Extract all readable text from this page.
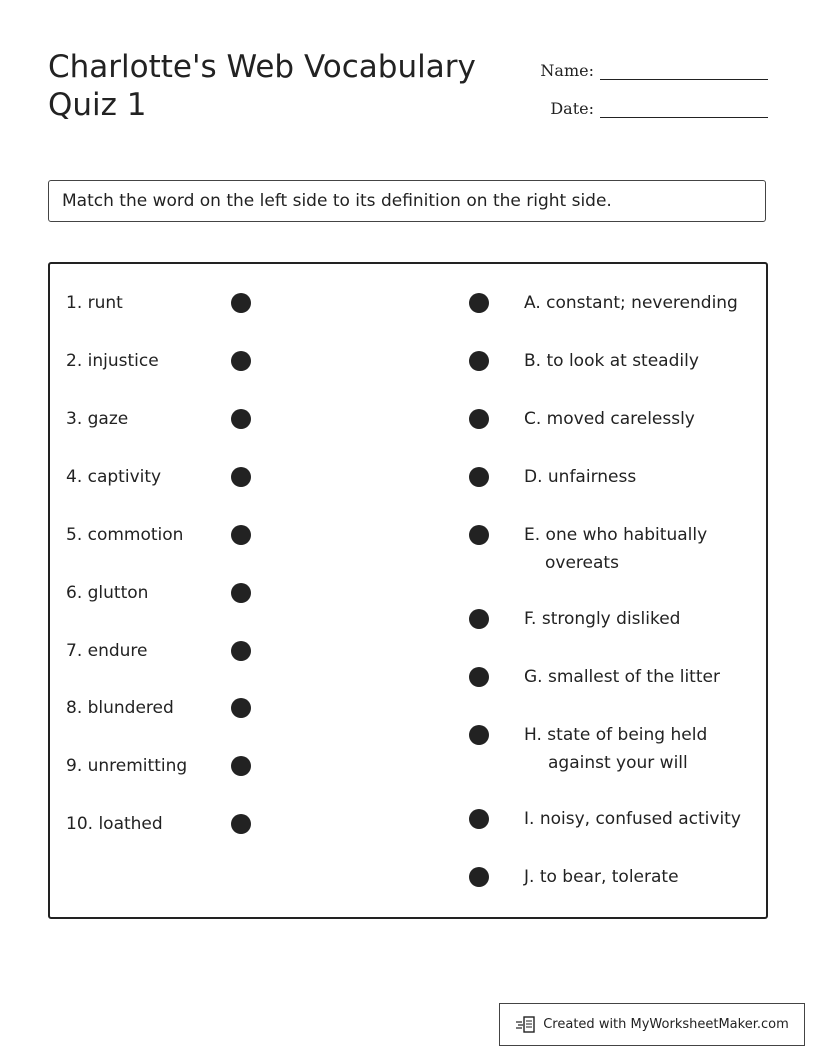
Charlotte's Web Vocabulary Quiz 1
Name:
Date:
Match the word on the left side to its definition on the right side.
1. runt
2. injustice
3. gaze
4. captivity
5. commotion
6. glutton
7. endure
8. blundered
9. unremitting
10. loathed
A. constant; neverending
B. to look at steadily
C. moved carelessly
D. unfairness
E. one who habitually
overeats
F. strongly disliked
G. smallest of the litter
H. state of being held
against your will
I. noisy, confused activity
J. to bear, tolerate
Created with MyWorksheetMaker.com
